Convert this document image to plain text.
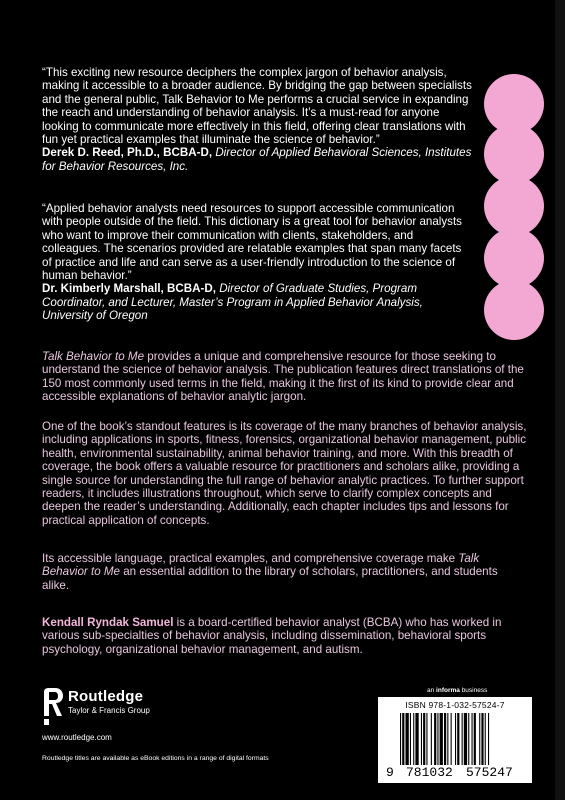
“This exciting new resource deciphers the complex jargon of behavior analysis, making it accessible to a broader audience. By bridging the gap between specialists and the general public, Talk Behavior to Me performs a crucial service in expanding the reach and understanding of behavior analysis. It’s a must-read for anyone looking to communicate more effectively in this field, offering clear translations with fun yet practical examples that illuminate the science of behavior.”

Derek D. Reed, Ph.D., BCBA-D, Director of Applied Behavioral Sciences, Institutes for Behavior Resources, Inc.

“Applied behavior analysts need resources to support accessible communication with people outside of the field. This dictionary is a great tool for behavior analysts who want to improve their communication with clients, stakeholders, and colleagues. The scenarios provided are relatable examples that span many facets of practice and life and can serve as a user-friendly introduction to the science of human behavior.”

Dr. Kimberly Marshall, BCBA-D, Director of Graduate Studies, Program Coordinator, and Lecturer, Master’s Program in Applied Behavior Analysis, University of Oregon

Talk Behavior to Me provides a unique and comprehensive resource for those seeking to understand the science of behavior analysis. The publication features direct translations of the 150 most commonly used terms in the field, making it the first of its kind to provide clear and accessible explanations of behavior analytic jargon.
One of the book’s standout features is its coverage of the many branches of behavior analysis, including applications in sports, fitness, forensics, organizational behavior management, public health, environmental sustainability, animal behavior training, and more. With this breadth of coverage, the book offers a valuable resource for practitioners and scholars alike, providing a single source for understanding the full range of behavior analytic practices. To further support readers, it includes illustrations throughout, which serve to clarify complex concepts and deepen the reader’s understanding. Additionally, each chapter includes tips and lessons for practical application of concepts.
Its accessible language, practical examples, and comprehensive coverage make Talk Behavior to Me an essential addition to the library of scholars, practitioners, and students alike.
Kendall Ryndak Samuel is a board-certified behavior analyst (BCBA) who has worked in various sub-specialties of behavior analysis, including dissemination, behavioral sports psychology, organizational behavior management, and autism.
Routledge
Taylor & Francis Group
www.routledge.com
Routledge titles are available as eBook editions in a range of digital formats
an informa business
ISBN 978-1-032-57524-7
9 781032 575247
